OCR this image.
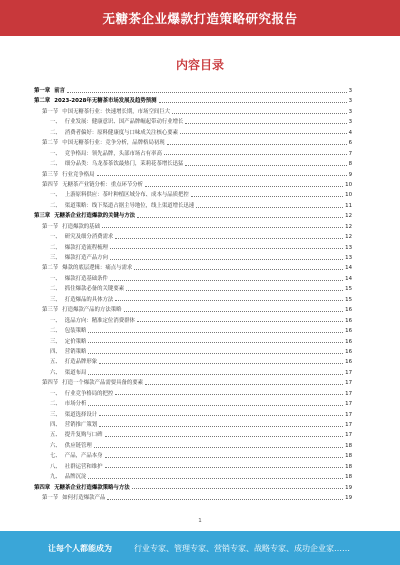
无糖茶企业爆款打造策略研究报告
内容目录
第一章 前言	3
第二章 2023-2028年无糖茶市场发展及趋势预测	3
第一节 中国无糖茶行业：快速增长期，市场空间巨大	3
一、 行业发展：健康意识、国产品牌崛起带动行业增长	3
二、 消费者偏好：原料健康度与口味成关注核心要素	4
第二节 中国无糖茶行业：竞争分析，品牌格局初现	6
一、 竞争格局：领先品牌，头部市场占有率高	7
二、 细分品类：乌龙茶茶饮最热门，茉莉花茶增长迅猛	8
第三节 行业竞争格局	9
第四节 无糖茶产业链分析：重点环节分析	10
一、 上游原料供应：茶叶种植区域分布、成本与品质把控	10
二、 渠道策略：线下渠道占据主导地位，线上渠道增长迅速	11
第三章 无糖茶企业打造爆款的关键与方法	12
第一节 打造爆款的基础	12
一、 研究及细分消费需求	12
二、 爆款打造流程梳理	13
三、 爆款打造产品方向	13
第二节 爆款的底层逻辑：痛点与需求	14
一、 爆款打造基础条件	14
二、 抓住爆款必备的关键要素	15
三、 打造爆品的具体方法	15
第三节 打造爆款产品的方法策略	16
一、 选品方向：精准定位消费群体	16
二、 包装策略	16
三、 定价策略	16
四、 营销策略	16
五、 打造品牌形象	16
六、 渠道布局	17
第四节 打造一个爆款产品需要具备的要素	17
一、 行业竞争格局的把控	17
二、 市场分析	17
三、 渠道选择设计	17
四、 营销推广策划	17
五、 提升复购与口碑	17
六、 供应链管理	18
七、 产品，产品本身	18
八、 社群运营和维护	18
九、 品牌沉淀	18
第四章 无糖茶企业打造爆款策略与方法	19
第一节 如何打造爆款产品	19
1
让每个人都能成为	行业专家、管理专家、营销专家、战略专家、成功企业家……
